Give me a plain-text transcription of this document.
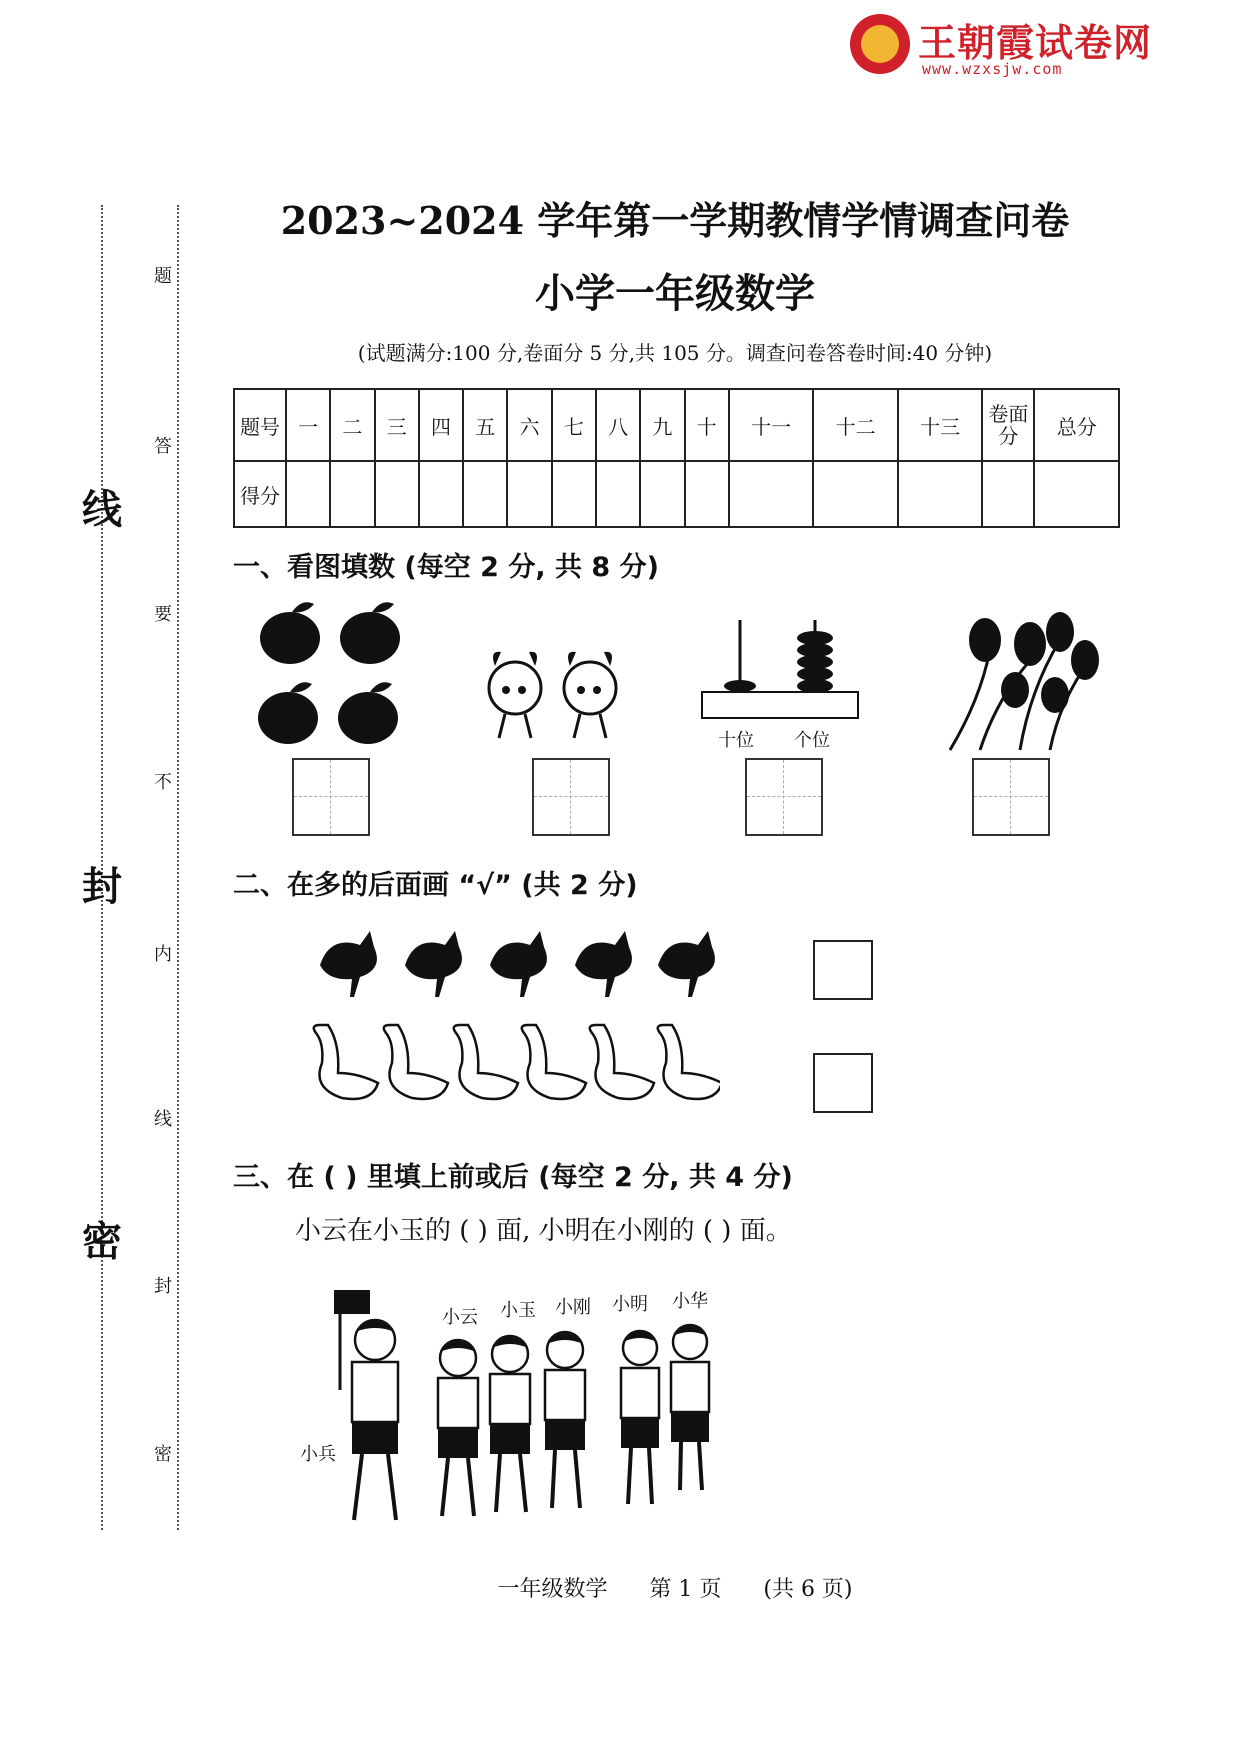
王朝霞试卷网
www.wzxsjw.com
题
答
要
不
内
线
封
密
线
封
密
2023~2024 学年第一学期教情学情调查问卷
小学一年级数学
(试题满分:100 分,卷面分 5 分,共 105 分。调查问卷答卷时间:40 分钟)
题号	一	二	三	四	五	六	七	八	九	十	十一	十二	十三	卷面分	总分
得分															
一、看图填数 (每空 2 分, 共 8 分)
十位 个位
二、在多的后面画 “√” (共 2 分)
三、在 ( ) 里填上前或后 (每空 2 分, 共 4 分)
小云在小玉的 ( ) 面, 小明在小刚的 ( ) 面。
小云 小玉 小刚 小明 小华
小兵
一年级数学      第 1 页      (共 6 页)
